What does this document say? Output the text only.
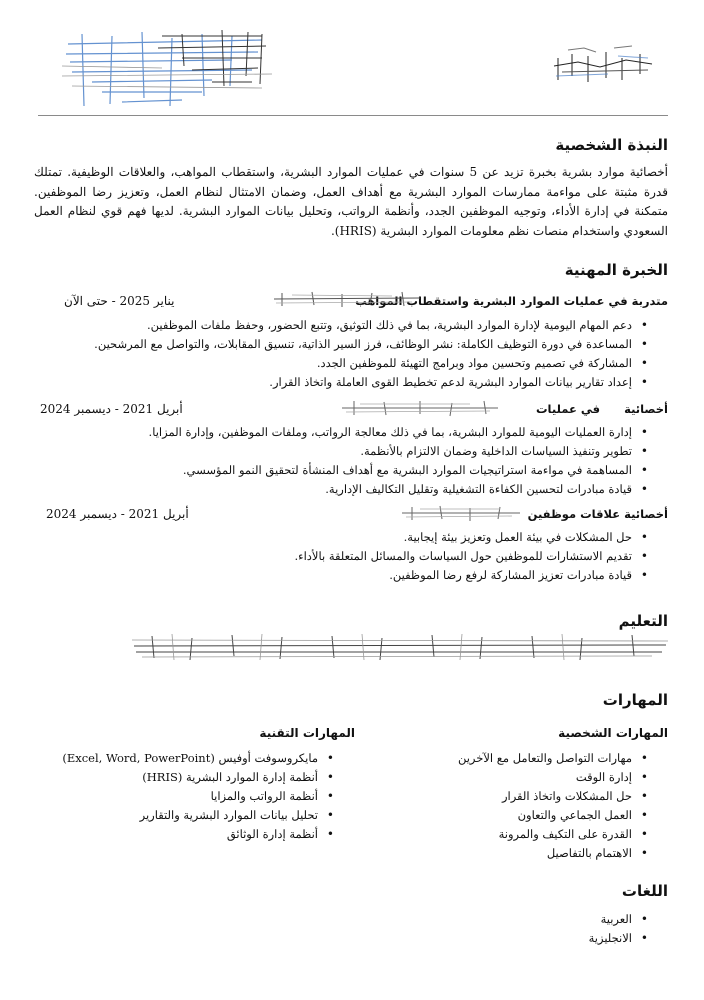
النبذة الشخصية

أخصائية موارد بشرية بخبرة تزيد عن 5 سنوات في عمليات الموارد البشرية، واستقطاب المواهب، والعلاقات الوظيفية. تمتلك قدرة مثبتة على مواءمة ممارسات الموارد البشرية مع أهداف العمل، وضمان الامتثال لنظام العمل، وتعزيز رضا الموظفين. متمكنة في إدارة الأداء، وتوجيه الموظفين الجدد، وأنظمة الرواتب، وتحليل بيانات الموارد البشرية. لديها فهم قوي لنظام العمل السعودي واستخدام منصات نظم معلومات الموارد البشرية (HRIS).

الخبرة المهنية
متدربة في عمليات الموارد البشرية واستقطاب المواهب
يناير 2025 - حتى الآن
• دعم المهام اليومية لإدارة الموارد البشرية، بما في ذلك التوثيق، وتتبع الحضور، وحفظ ملفات الموظفين.
• المساعدة في دورة التوظيف الكاملة: نشر الوظائف، فرز السير الذاتية، تنسيق المقابلات، والتواصل مع المرشحين.
• المشاركة في تصميم وتحسين مواد وبرامج التهيئة للموظفين الجدد.
• إعداد تقارير بيانات الموارد البشرية لدعم تخطيط القوى العاملة واتخاذ القرار.
أخصائية
في عمليات
أبريل 2021 - ديسمبر 2024
• إدارة العمليات اليومية للموارد البشرية، بما في ذلك معالجة الرواتب، وملفات الموظفين، وإدارة المزايا.
• تطوير وتنفيذ السياسات الداخلية وضمان الالتزام بالأنظمة.
• المساهمة في مواءمة استراتيجيات الموارد البشرية مع أهداف المنشأة لتحقيق النمو المؤسسي.
• قيادة مبادرات لتحسين الكفاءة التشغيلية وتقليل التكاليف الإدارية.
أخصائية علاقات موظفين
أبريل 2021 - ديسمبر 2024
• حل المشكلات في بيئة العمل وتعزيز بيئة إيجابية.
• تقديم الاستشارات للموظفين حول السياسات والمسائل المتعلقة بالأداء.
• قيادة مبادرات تعزيز المشاركة لرفع رضا الموظفين.
التعليم
المهارات
المهارات الشخصية
المهارات التقنية
• مهارات التواصل والتعامل مع الآخرين
• إدارة الوقت
• حل المشكلات واتخاذ القرار
• العمل الجماعي والتعاون
• القدرة على التكيف والمرونة
• الاهتمام بالتفاصيل
• مايكروسوفت أوفيس (Excel, Word, PowerPoint)
• أنظمة إدارة الموارد البشرية (HRIS)
• أنظمة الرواتب والمزايا
• تحليل بيانات الموارد البشرية والتقارير
• أنظمة إدارة الوثائق
اللغات
• العربية
• الانجليزية
